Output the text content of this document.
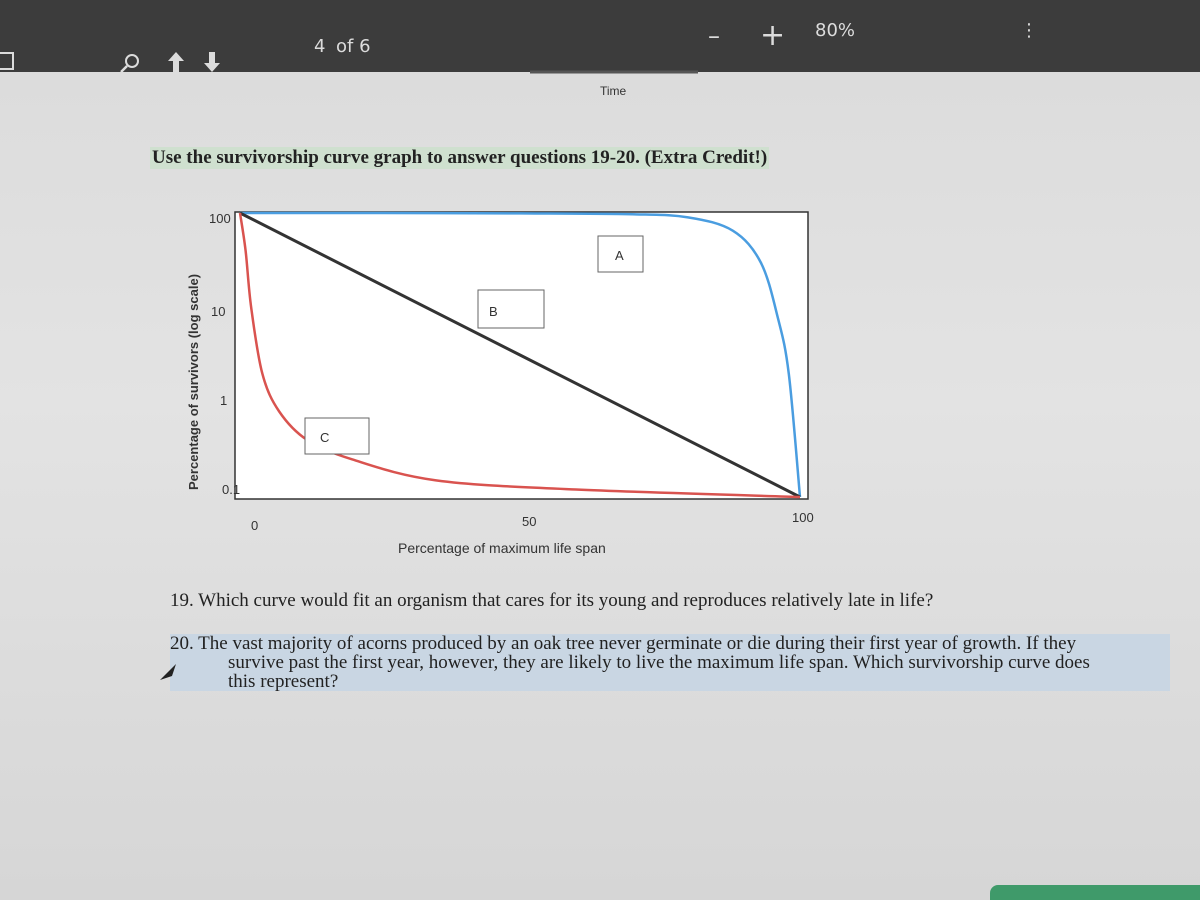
4 of 6	– + 80%	⋮
Time
100
10
1
0.1
0	50	100
Percentage of maximum life span
Percentage of survivors (log scale)
A
B
C
Use the survivorship curve graph to answer questions 19-20. (Extra Credit!)
19. Which curve would fit an organism that cares for its young and reproduces relatively late in life?
20. The vast majority of acorns produced by an oak tree never germinate or die during their first year of growth. If they
survive past the first year, however, they are likely to live the maximum life span. Which survivorship curve does
this represent?
